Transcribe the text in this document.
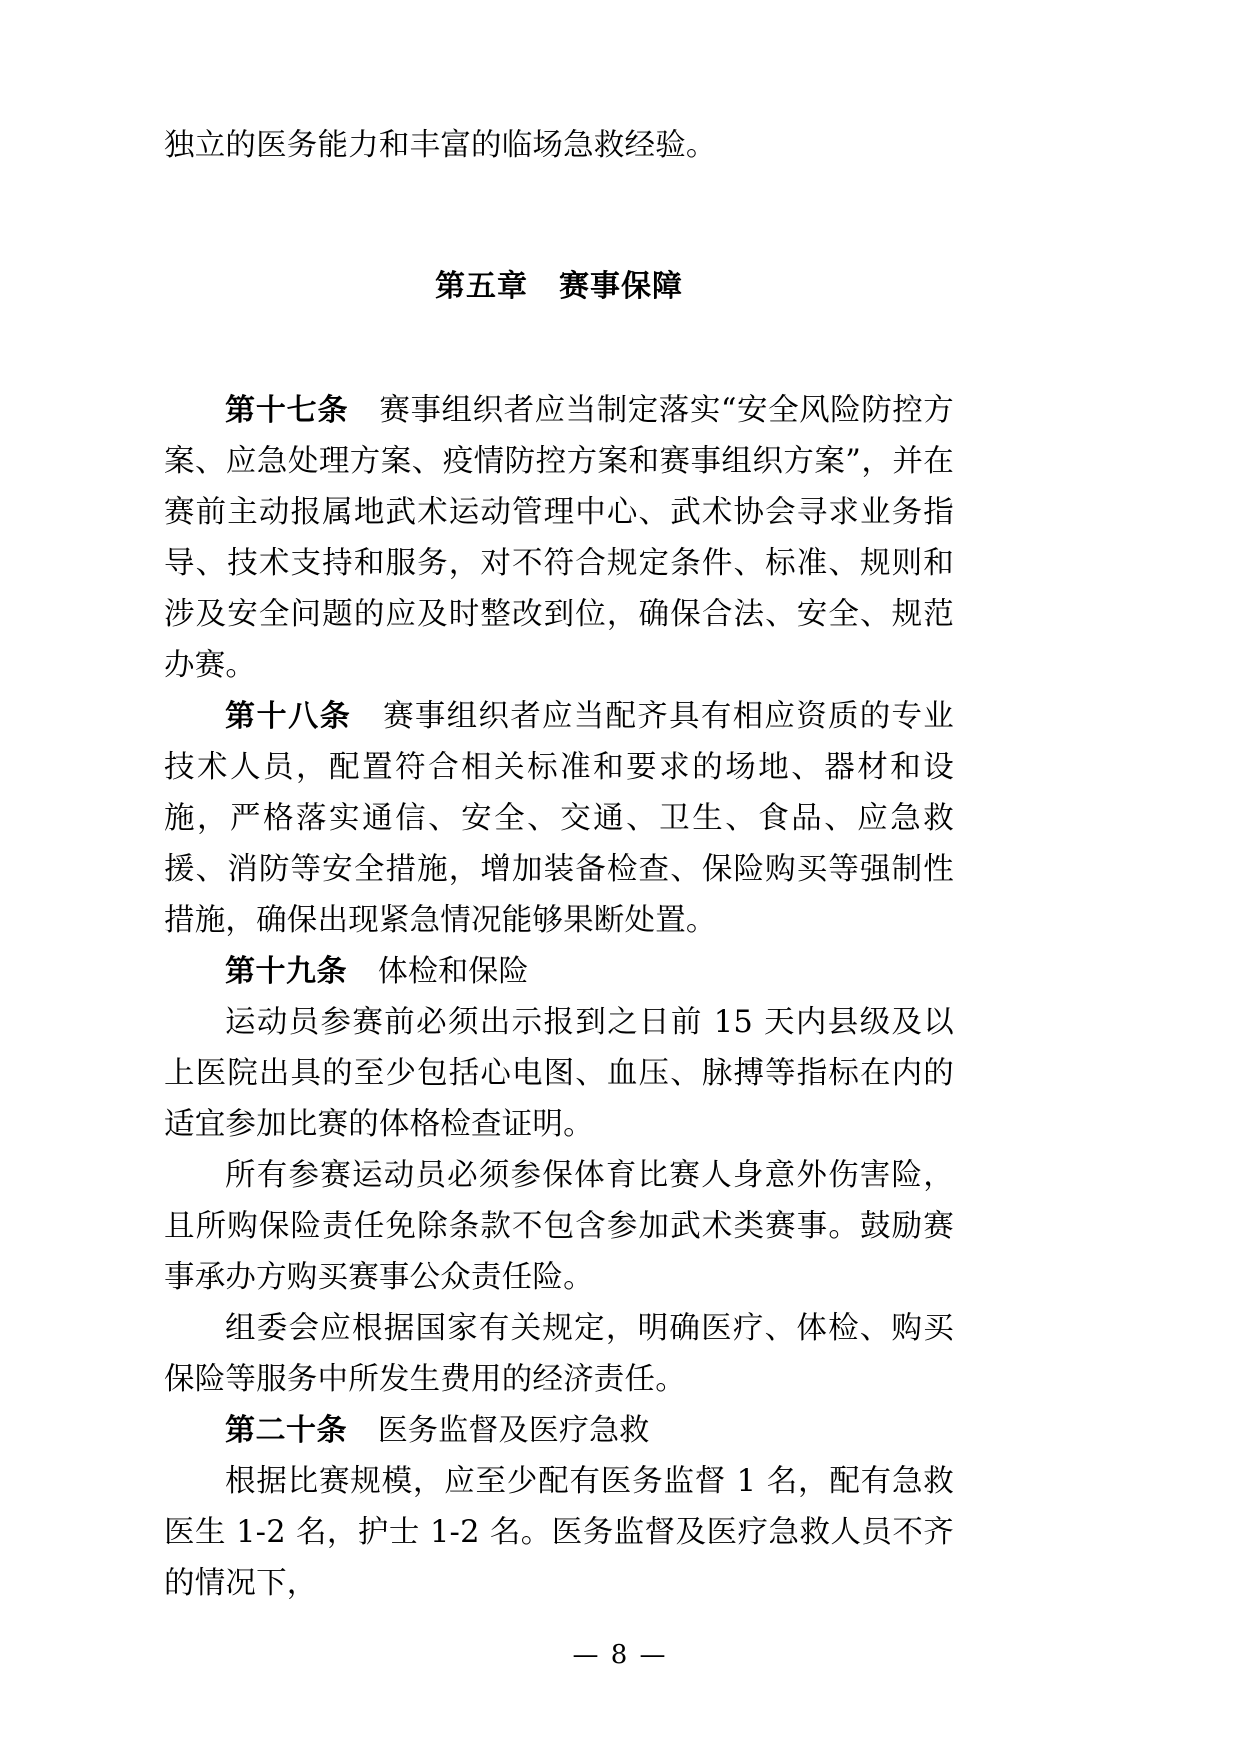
独立的医务能力和丰富的临场急救经验。

第五章　赛事保障

第十七条　 赛事组织者应当制定落实“安全风险防控方案、应急处理方案、疫情防控方案和赛事组织方案”，并在赛前主动报属地武术运动管理中心、武术协会寻求业务指导、技术支持和服务，对不符合规定条件、标准、规则和涉及安全问题的应及时整改到位，确保合法、安全、规范办赛。

第十八条　 赛事组织者应当配齐具有相应资质的专业技术人员，配置符合相关标准和要求的场地、器材和设施，严格落实通信、安全、交通、卫生、食品、应急救援、消防等安全措施，增加装备检查、保险购买等强制性措施，确保出现紧急情况能够果断处置。

第十九条　 体检和保险

运动员参赛前必须出示报到之日前 15 天内县级及以上医院出具的至少包括心电图、血压、脉搏等指标在内的适宜参加比赛的体格检查证明。

所有参赛运动员必须参保体育比赛人身意外伤害险，且所购保险责任免除条款不包含参加武术类赛事。鼓励赛事承办方购买赛事公众责任险。

组委会应根据国家有关规定，明确医疗、体检、购买保险等服务中所发生费用的经济责任。

第二十条　 医务监督及医疗急救

根据比赛规模，应至少配有医务监督 1 名，配有急救医生 1-2 名，护士 1-2 名。医务监督及医疗急救人员不齐的情况下，

— 8 —
